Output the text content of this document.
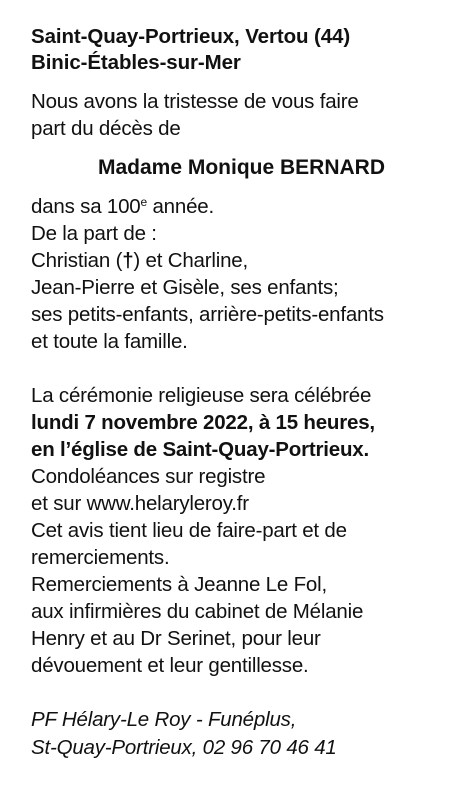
Saint-Quay-Portrieux, Vertou (44)
Binic-Étables-sur-Mer
Nous avons la tristesse de vous faire
part du décès de
Madame Monique BERNARD
dans sa 100e année.
De la part de :
Christian (†) et Charline,
Jean-Pierre et Gisèle, ses enfants;
ses petits-enfants, arrière-petits-enfants
et toute la famille.
La cérémonie religieuse sera célébrée
lundi 7 novembre 2022, à 15 heures,
en l’église de Saint-Quay-Portrieux.
Condoléances sur registre
et sur www.helaryleroy.fr
Cet avis tient lieu de faire-part et de
remerciements.
Remerciements à Jeanne Le Fol,
aux infirmières du cabinet de Mélanie
Henry et au Dr Serinet, pour leur
dévouement et leur gentillesse.
PF Hélary-Le Roy - Funéplus,
St-Quay-Portrieux, 02 96 70 46 41
